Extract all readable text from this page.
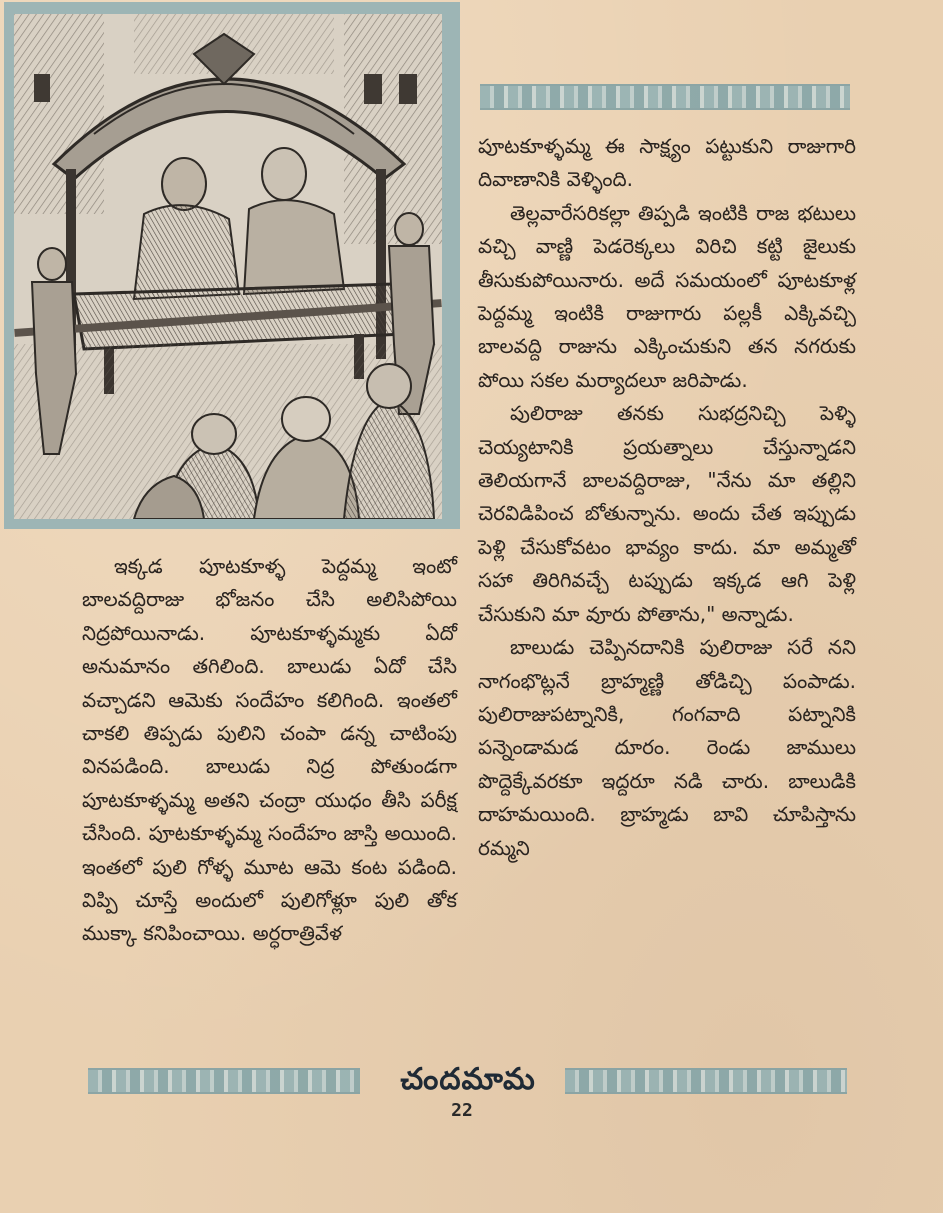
పూటకూళ్ళమ్మ ఈ సాక్ష్యం పట్టుకుని రాజుగారి దివాణానికి వెళ్ళింది.

తెల్లవారేసరికల్లా తిప్పడి ఇంటికి రాజ భటులు వచ్చి వాణ్ణి పెడరెక్కలు విరిచి కట్టి జైలుకు తీసుకుపోయినారు. అదే సమయంలో పూటకూళ్ల పెద్దమ్మ ఇంటికి రాజుగారు పల్లకీ ఎక్కివచ్చి బాలవద్ది రాజును ఎక్కించుకుని తన నగరుకు పోయి సకల మర్యాదలూ జరిపాడు.

పులిరాజు తనకు సుభద్రనిచ్చి పెళ్ళి చెయ్యటానికి ప్రయత్నాలు చేస్తున్నాడని తెలియగానే బాలవద్దిరాజు, "నేను మా తల్లిని చెరవిడిపించ బోతున్నాను. అందు చేత ఇప్పుడు పెళ్లి చేసుకోవటం భావ్యం కాదు. మా అమ్మతో సహా తిరిగివచ్చే టప్పుడు ఇక్కడ ఆగి పెళ్లి చేసుకుని మా వూరు పోతాను," అన్నాడు.

బాలుడు చెప్పినదానికి పులిరాజు సరే నని నాగంభొట్లనే బ్రాహ్మణ్ణి తోడిచ్చి పంపాడు. పులిరాజుపట్నానికి, గంగవాది పట్నానికి పన్నెండామడ దూరం. రెండు జాములు పొద్దెక్కేవరకూ ఇద్దరూ నడి చారు. బాలుడికి దాహమయింది. బ్రాహ్మడు బావి చూపిస్తాను రమ్మని

ఇక్కడ పూటకూళ్ళ పెద్దమ్మ ఇంటో బాలవద్దిరాజు భోజనం చేసి అలిసిపోయి నిద్రపోయినాడు. పూటకూళ్ళమ్మకు ఏదో అనుమానం తగిలింది. బాలుడు ఏదో చేసి వచ్చాడని ఆమెకు సందేహం కలిగింది. ఇంతలో చాకలి తిప్పడు పులిని చంపా డన్న చాటింపు వినపడింది. బాలుడు నిద్ర పోతుండగా పూటకూళ్ళమ్మ అతని చంద్రా యుధం తీసి పరీక్ష చేసింది. పూటకూళ్ళమ్మ సందేహం జాస్తి అయింది. ఇంతలో పులి గోళ్ళ మూట ఆమె కంట పడింది. విప్పి చూస్తే అందులో పులిగోళ్లూ పులి తోక ముక్కా కనిపించాయి. అర్ధరాత్రివేళ

చందమామ
22
